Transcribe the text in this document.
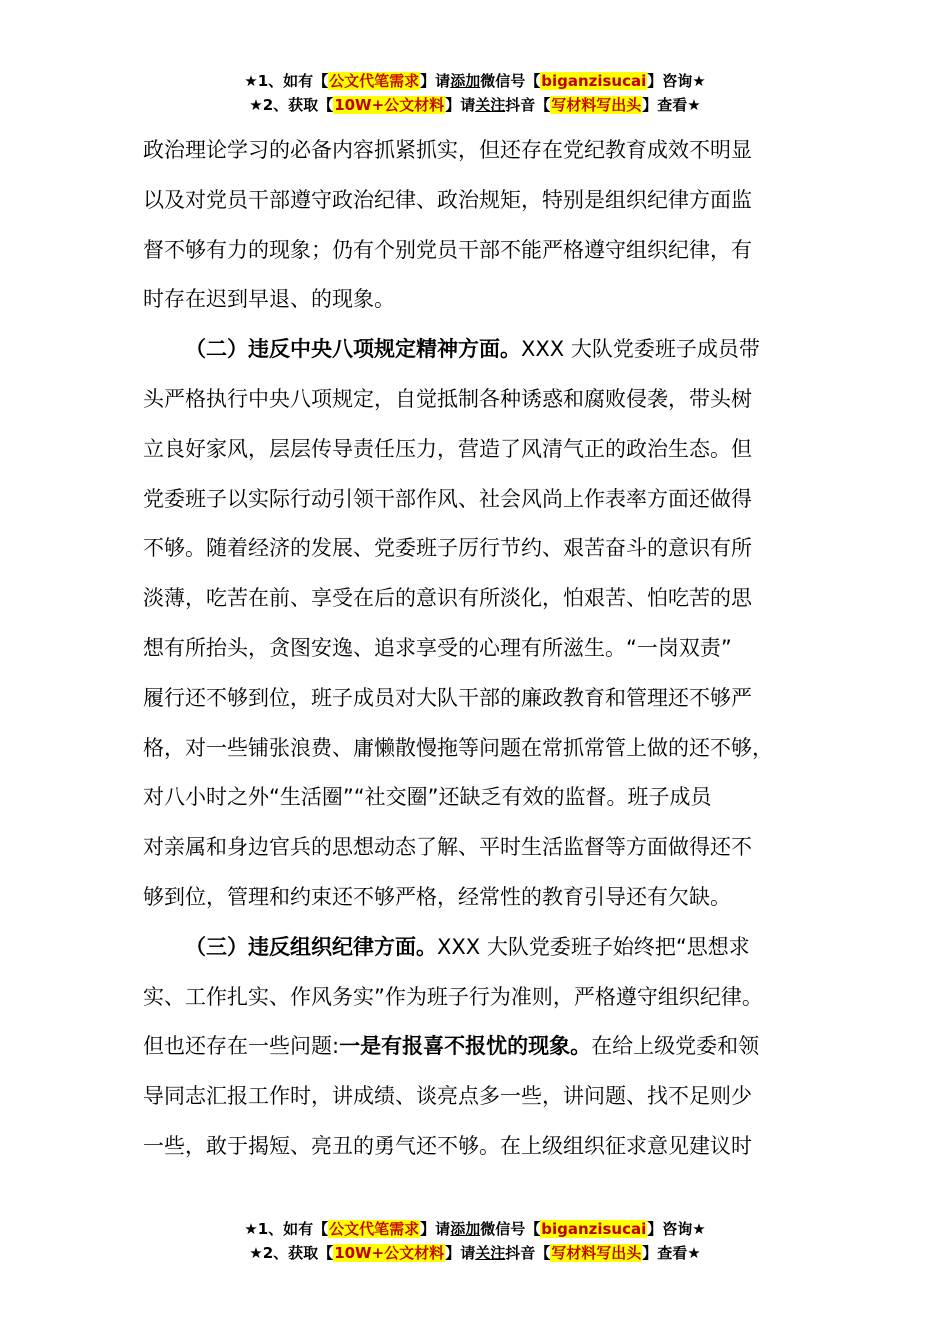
★1、如有【公文代笔需求】请添加微信号【biganzisucai】咨询★
★2、获取【10W+公文材料】请关注抖音【写材料写出头】查看★
政治理论学习的必备内容抓紧抓实，但还存在党纪教育成效不明显
以及对党员干部遵守政治纪律、政治规矩，特别是组织纪律方面监
督不够有力的现象；仍有个别党员干部不能严格遵守组织纪律，有
时存在迟到早退、的现象。
（二）违反中央八项规定精神方面。XXX 大队党委班子成员带
头严格执行中央八项规定，自觉抵制各种诱惑和腐败侵袭，带头树
立良好家风，层层传导责任压力，营造了风清气正的政治生态。但
党委班子以实际行动引领干部作风、社会风尚上作表率方面还做得
不够。随着经济的发展、党委班子厉行节约、艰苦奋斗的意识有所
淡薄，吃苦在前、享受在后的意识有所淡化，怕艰苦、怕吃苦的思
想有所抬头，贪图安逸、追求享受的心理有所滋生。“一岗双责”
履行还不够到位，班子成员对大队干部的廉政教育和管理还不够严
格，对一些铺张浪费、庸懒散慢拖等问题在常抓常管上做的还不够，
对八小时之外“生活圈”“社交圈”还缺乏有效的监督。班子成员
对亲属和身边官兵的思想动态了解、平时生活监督等方面做得还不
够到位，管理和约束还不够严格，经常性的教育引导还有欠缺。
（三）违反组织纪律方面。XXX 大队党委班子始终把“思想求
实、工作扎实、作风务实”作为班子行为准则，严格遵守组织纪律。
但也还存在一些问题:一是有报喜不报忧的现象。在给上级党委和领
导同志汇报工作时，讲成绩、谈亮点多一些，讲问题、找不足则少
一些，敢于揭短、亮丑的勇气还不够。在上级组织征求意见建议时
★1、如有【公文代笔需求】请添加微信号【biganzisucai】咨询★
★2、获取【10W+公文材料】请关注抖音【写材料写出头】查看★
